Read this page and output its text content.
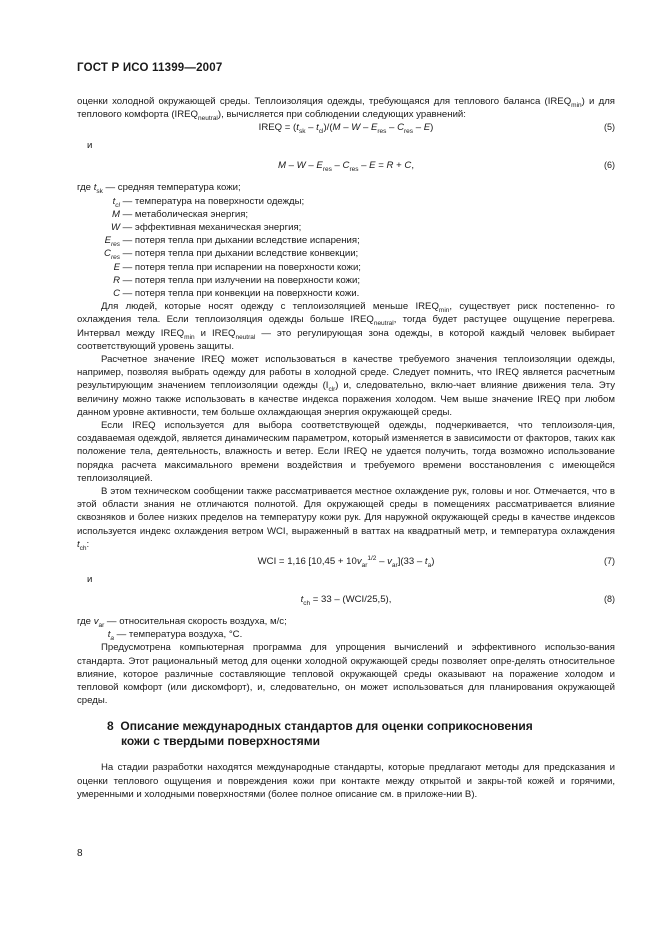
ГОСТ Р ИСО 11399—2007

оценки холодной окружающей среды. Теплоизоляция одежды, требующаяся для теплового баланса $(IREQ_{min})$ и для теплового комфорта $(IREQ_{neutral})$, вычисляется при соблюдении следующих уравнений:

IREQ = $(t_{sk} - t_{cl})/(M$ – W – $E_{res} - C_{res} - E$)	(5)
и
$M - W - E_{res} - C_{res} - E = R + C$,	(6)
где $t_{sk}$ — средняя температура кожи;
$t_{cl}$ — температура на поверхности одежды;
M — метаболическая энергия;
W — эффективная механическая энергия;
$E_{res}$ — потеря тепла при дыхании вследствие испарения;
$C_{res}$ — потеря тепла при дыхании вследствие конвекции;
E — потеря тепла при испарении на поверхности кожи;
R — потеря тепла при излучении на поверхности кожи;
C — потеря тепла при конвекции на поверхности кожи.

Для людей, которые носят одежду с теплоизоляцией меньше $IREQ_{min}$, существует риск постепенно- го охлаждения тела. Если теплоизоляция одежды больше $IREQ_{neutral}$, тогда будет растущее ощущение перегрева. Интервал между $IREQ_{min}$ и $IREQ_{neutral}$ — это регулирующая зона одежды, в которой каждый человек выбирает соответствующий уровень защиты.

Расчетное значение IREQ может использоваться в качестве требуемого значения теплоизоляции одежды, например, позволяя выбрать одежду для работы в холодной среде. Следует помнить, что IREQ является расчетным результирующим значением теплоизоляции одежды $(I_{clr})$ и, следовательно, вклю-чает влияние движения тела. Эту величину можно также использовать в качестве индекса поражения холодом. Чем выше значение IREQ при любом данном уровне активности, тем больше охлаждающая энергия окружающей среды.

Если IREQ используется для выбора соответствующей одежды, подчеркивается, что теплоизоля-ция, создаваемая одеждой, является динамическим параметром, который изменяется в зависимости от факторов, таких как положение тела, деятельность, влажность и ветер. Если IREQ не удается получить, тогда возможно использование порядка расчета максимального времени воздействия и требуемого времени восстановления с имеющейся теплоизоляцией.

В этом техническом сообщении также рассматривается местное охлаждение рук, головы и ног. Отмечается, что в этой области знания не отличаются полнотой. Для окружающей среды в помещениях рассматривается влияние сквозняков и более низких пределов на температуру кожи рук. Для наружной окружающей среды в качестве индексов используется индекс охлаждения ветром WCI, выраженный в ваттах на квадратный метр, и температура охлаждения $t_{ch}$:

WCI = 1,16 $[10,45 + 10v_{ar}^{1/2} - v_{ar}](33 - t_a)$	(7)
и
$t_{ch} = 33 - (WCI/25,5)$,	(8)
где $v_{ar}$ — относительная скорость воздуха, м/с;
$t_a$ — температура воздуха, °С.

Предусмотрена компьютерная программа для упрощения вычислений и эффективного использо-вания стандарта. Этот рациональный метод для оценки холодной окружающей среды позволяет опре-делять относительное влияние, которое различные составляющие тепловой окружающей среды оказывают на поражение холодом и тепловой комфорт (или дискомфорт), и, следовательно, он может использоваться для планирования окружающей среды.

8 Описание международных стандартов для оценки соприкосновения
кожи с твердыми поверхностями

На стадии разработки находятся международные стандарты, которые предлагают методы для предсказания и оценки теплового ощущения и повреждения кожи при контакте между открытой и закры-той кожей и горячими, умеренными и холодными поверхностями (более полное описание см. в приложе-нии В).

8
